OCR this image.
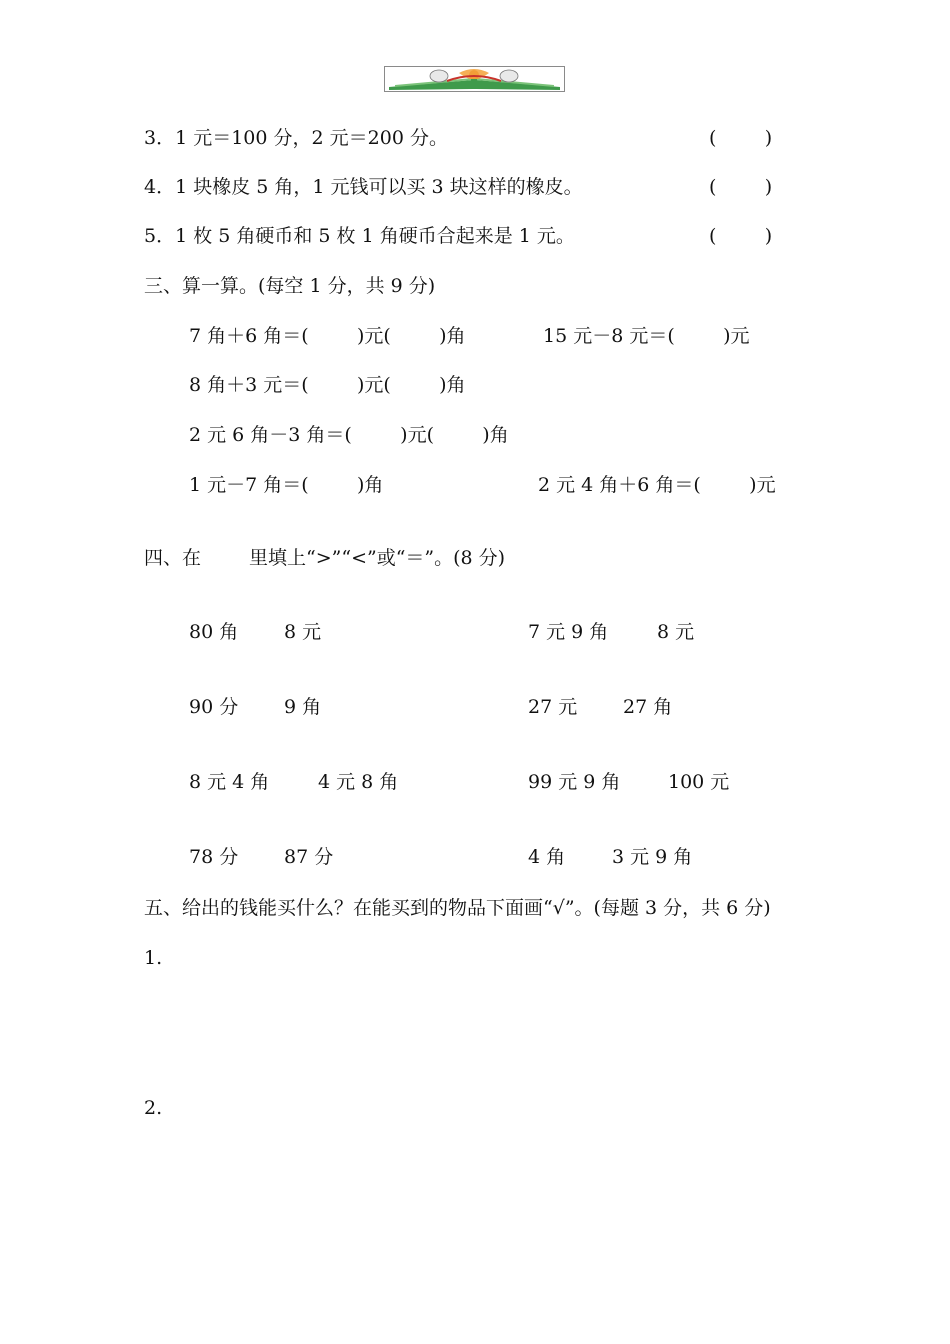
3．1 元＝100 分，2 元＝200 分。	(        )
4．1 块橡皮 5 角，1 元钱可以买 3 块这样的橡皮。	(        )
5．1 枚 5 角硬币和 5 枚 1 角硬币合起来是 1 元。	(        )
三、算一算。(每空 1 分，共 9 分)
7 角＋6 角＝(        )元(        )角	15 元－8 元＝(        )元
8 角＋3 元＝(        )元(        )角
2 元 6 角－3 角＝(        )元(        )角
1 元－7 角＝(        )角	2 元 4 角＋6 角＝(        )元
四、在	里填上“>”“<”或“＝”。(8 分)
80 角 8 元	7 元 9 角	8 元
90 分 9 角	27 元 27 角
8 元 4 角	4 元 8 角	99 元 9 角	100 元
78 分 87 分	4 角 3 元 9 角
五、给出的钱能买什么？在能买到的物品下面画“√”。(每题 3 分，共 6 分)
1.
2.
